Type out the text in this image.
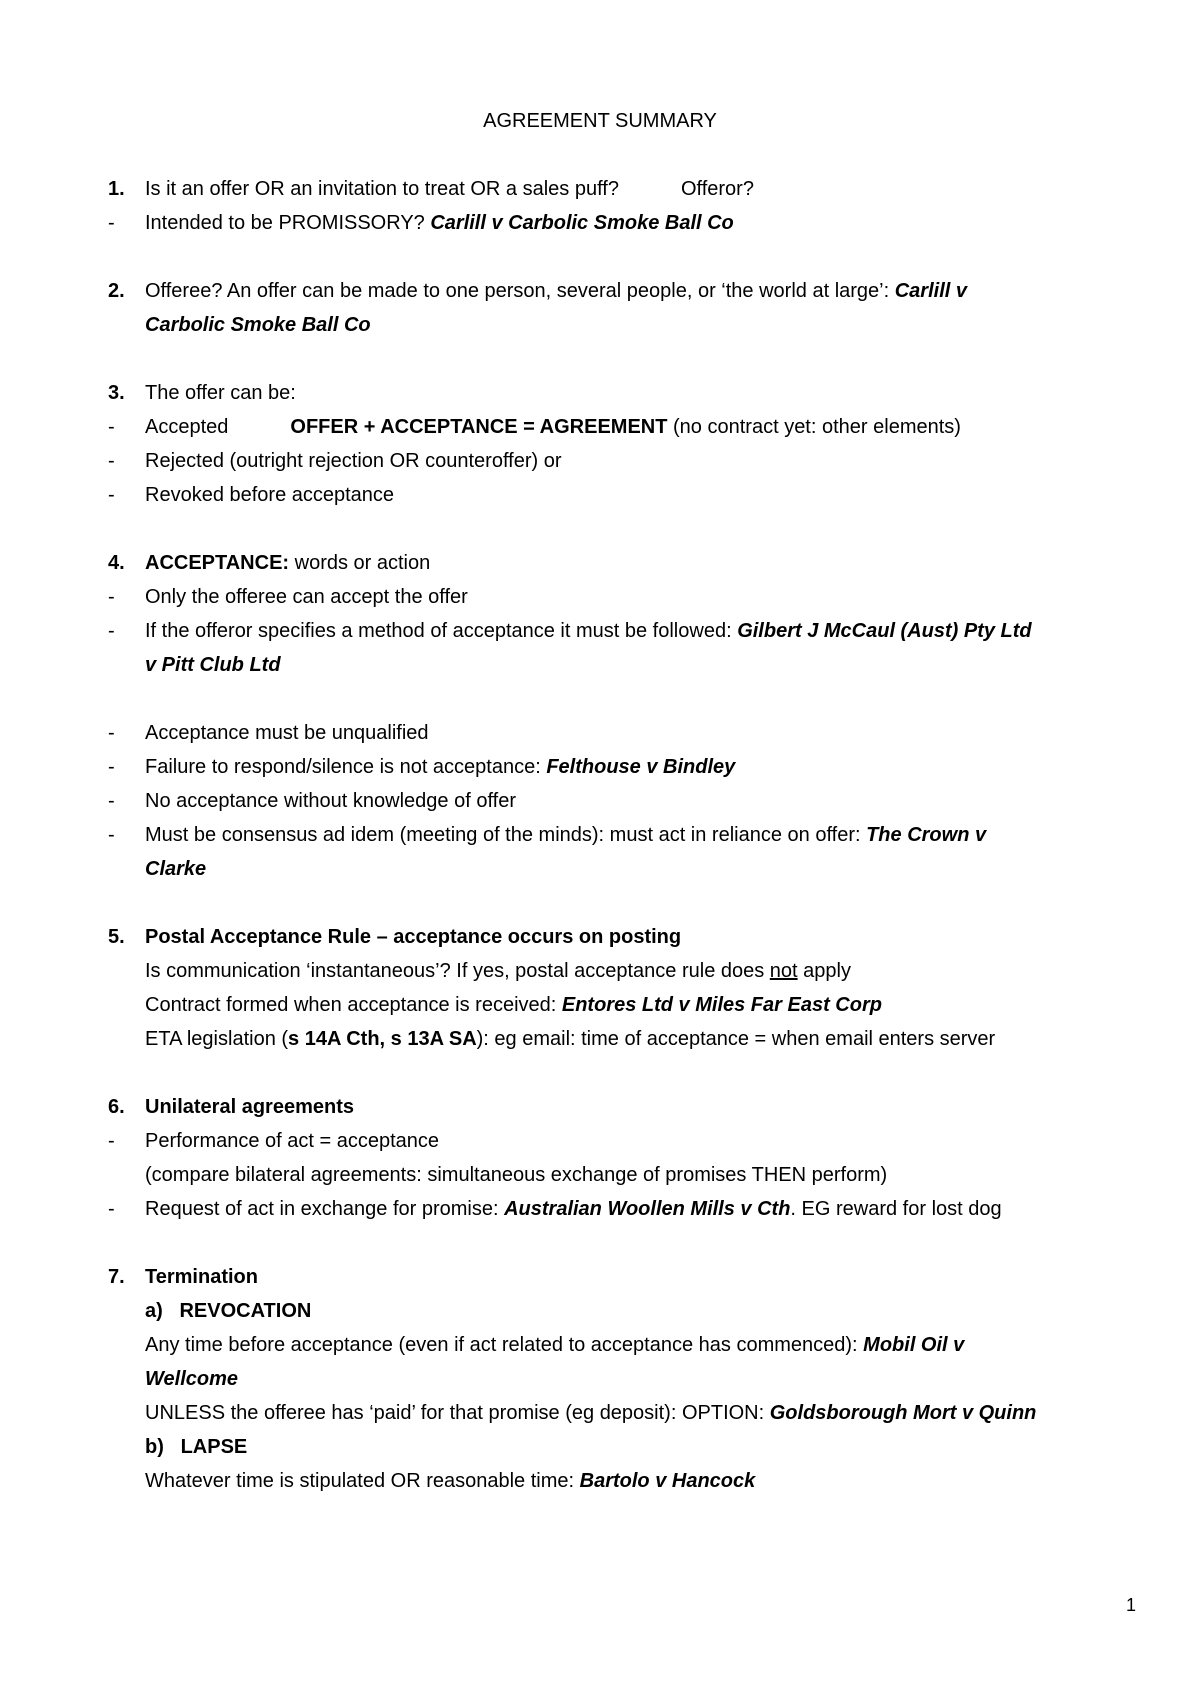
AGREEMENT SUMMARY
1. Is it an offer OR an invitation to treat OR a sales puff?	Offeror?
- Intended to be PROMISSORY? Carlill v Carbolic Smoke Ball Co
2. Offeree? An offer can be made to one person, several people, or ‘the world at large’: Carlill v
Carbolic Smoke Ball Co
3. The offer can be:
- Accepted	OFFER + ACCEPTANCE = AGREEMENT (no contract yet: other elements)
- Rejected (outright rejection OR counteroffer) or
- Revoked before acceptance
4. ACCEPTANCE: words or action
- Only the offeree can accept the offer
- If the offeror specifies a method of acceptance it must be followed: Gilbert J McCaul (Aust) Pty Ltd
v Pitt Club Ltd
- Acceptance must be unqualified
- Failure to respond/silence is not acceptance: Felthouse v Bindley
- No acceptance without knowledge of offer
- Must be consensus ad idem (meeting of the minds): must act in reliance on offer: The Crown v
Clarke
5. Postal Acceptance Rule – acceptance occurs on posting
Is communication ‘instantaneous’? If yes, postal acceptance rule does not apply
Contract formed when acceptance is received: Entores Ltd v Miles Far East Corp
ETA legislation (s 14A Cth, s 13A SA): eg email: time of acceptance = when email enters server
6. Unilateral agreements
- Performance of act = acceptance
(compare bilateral agreements: simultaneous exchange of promises THEN perform)
- Request of act in exchange for promise: Australian Woollen Mills v Cth. EG reward for lost dog
7. Termination
a) REVOCATION
Any time before acceptance (even if act related to acceptance has commenced): Mobil Oil v
Wellcome
UNLESS the offeree has ‘paid’ for that promise (eg deposit): OPTION: Goldsborough Mort v Quinn
b) LAPSE
Whatever time is stipulated OR reasonable time: Bartolo v Hancock
1
